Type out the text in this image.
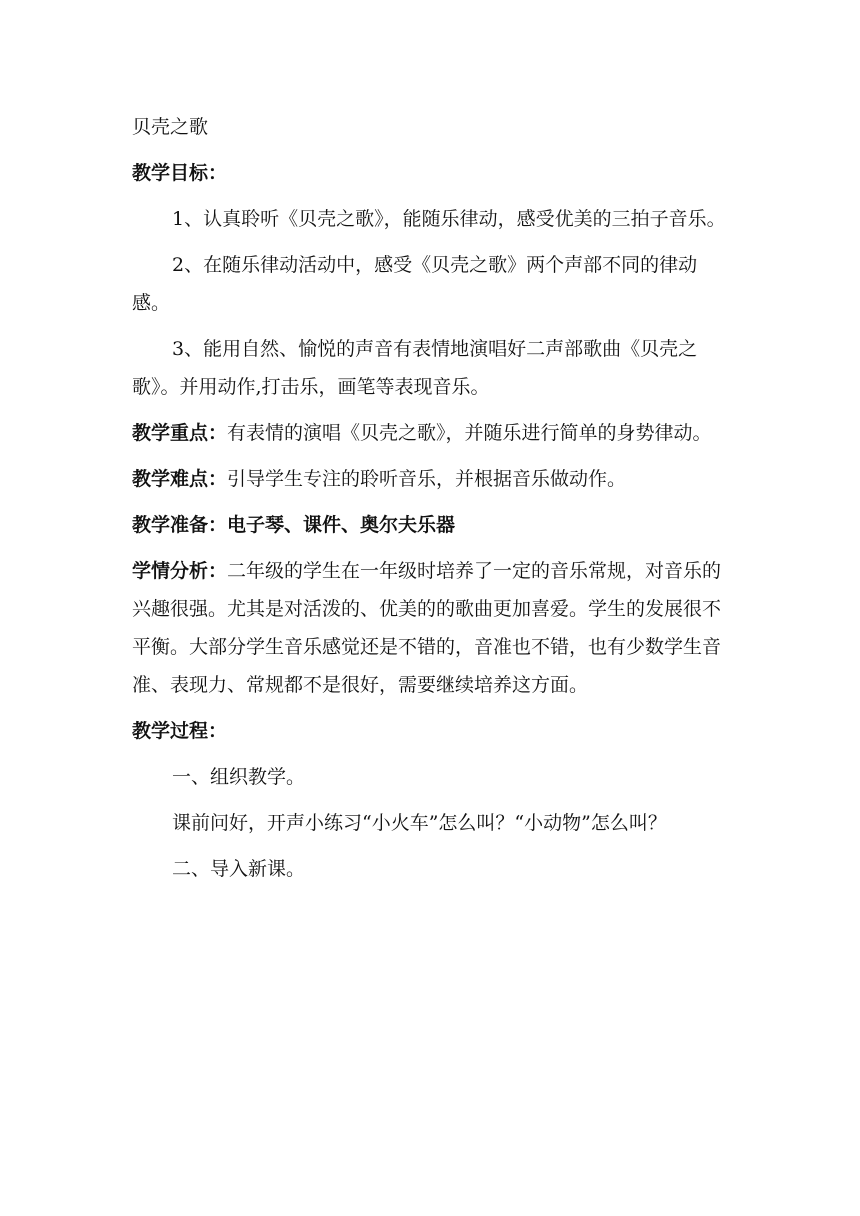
贝壳之歌

教学目标：

1、认真聆听《贝壳之歌》，能随乐律动，感受优美的三拍子音乐。

2、在随乐律动活动中，感受《贝壳之歌》两个声部不同的律动感。

3、能用自然、愉悦的声音有表情地演唱好二声部歌曲《贝壳之歌》。并用动作,打击乐，画笔等表现音乐。

教学重点：有表情的演唱《贝壳之歌》，并随乐进行简单的身势律动。

教学难点：引导学生专注的聆听音乐，并根据音乐做动作。

教学准备：电子琴、课件、奥尔夫乐器

学情分析：二年级的学生在一年级时培养了一定的音乐常规，对音乐的兴趣很强。尤其是对活泼的、优美的的歌曲更加喜爱。学生的发展很不平衡。大部分学生音乐感觉还是不错的，音准也不错，也有少数学生音准、表现力、常规都不是很好，需要继续培养这方面。

教学过程：

一、组织教学。

课前问好，开声小练习“小火车”怎么叫？“小动物”怎么叫？

二、导入新课。
